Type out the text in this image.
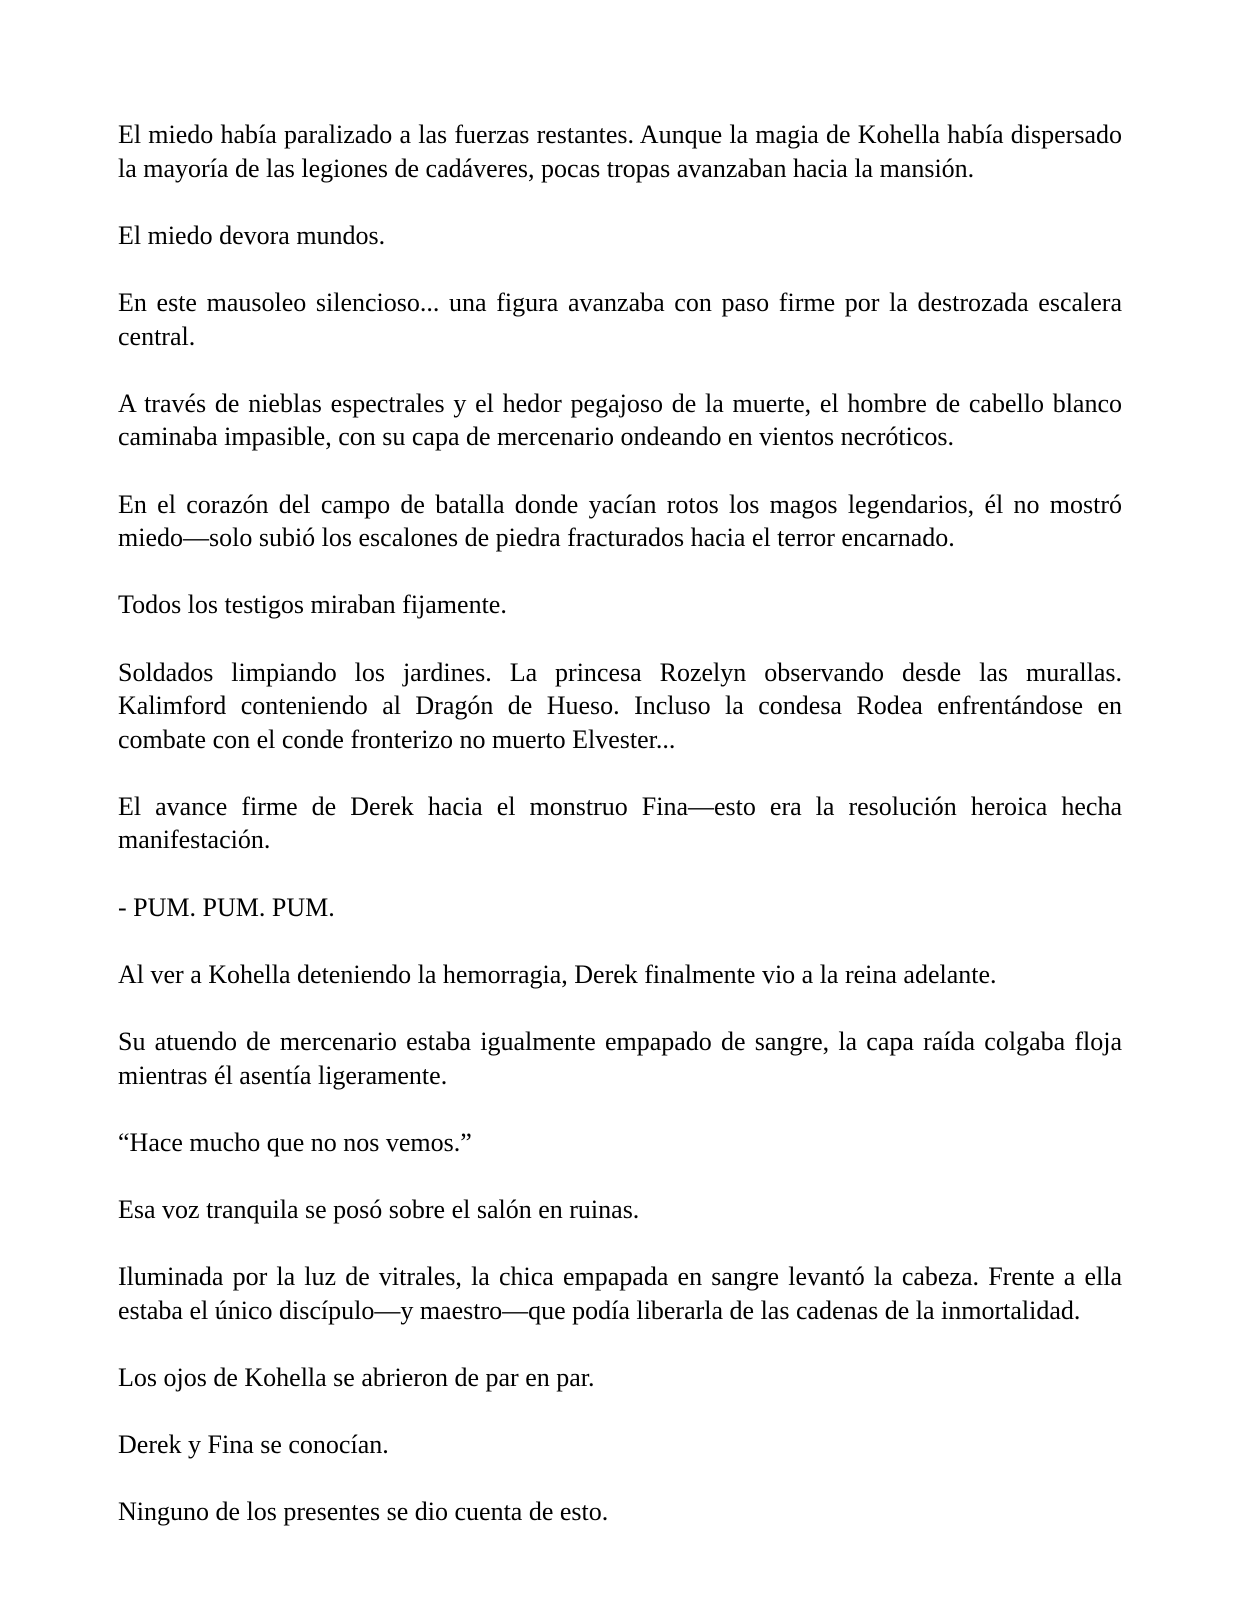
El miedo había paralizado a las fuerzas restantes. Aunque la magia de Kohella había dispersado la mayoría de las legiones de cadáveres, pocas tropas avanzaban hacia la mansión.

El miedo devora mundos.

En este mausoleo silencioso... una figura avanzaba con paso firme por la destrozada escalera central.

A través de nieblas espectrales y el hedor pegajoso de la muerte, el hombre de cabello blanco caminaba impasible, con su capa de mercenario ondeando en vientos necróticos.

En el corazón del campo de batalla donde yacían rotos los magos legendarios, él no mostró miedo—solo subió los escalones de piedra fracturados hacia el terror encarnado.

Todos los testigos miraban fijamente.

Soldados limpiando los jardines. La princesa Rozelyn observando desde las murallas. Kalimford conteniendo al Dragón de Hueso. Incluso la condesa Rodea enfrentándose en combate con el conde fronterizo no muerto Elvester...

El avance firme de Derek hacia el monstruo Fina—esto era la resolución heroica hecha manifestación.

- PUM. PUM. PUM.

Al ver a Kohella deteniendo la hemorragia, Derek finalmente vio a la reina adelante.

Su atuendo de mercenario estaba igualmente empapado de sangre, la capa raída colgaba floja mientras él asentía ligeramente.

“Hace mucho que no nos vemos.”

Esa voz tranquila se posó sobre el salón en ruinas.

Iluminada por la luz de vitrales, la chica empapada en sangre levantó la cabeza. Frente a ella estaba el único discípulo—y maestro—que podía liberarla de las cadenas de la inmortalidad.

Los ojos de Kohella se abrieron de par en par.

Derek y Fina se conocían.

Ninguno de los presentes se dio cuenta de esto.
